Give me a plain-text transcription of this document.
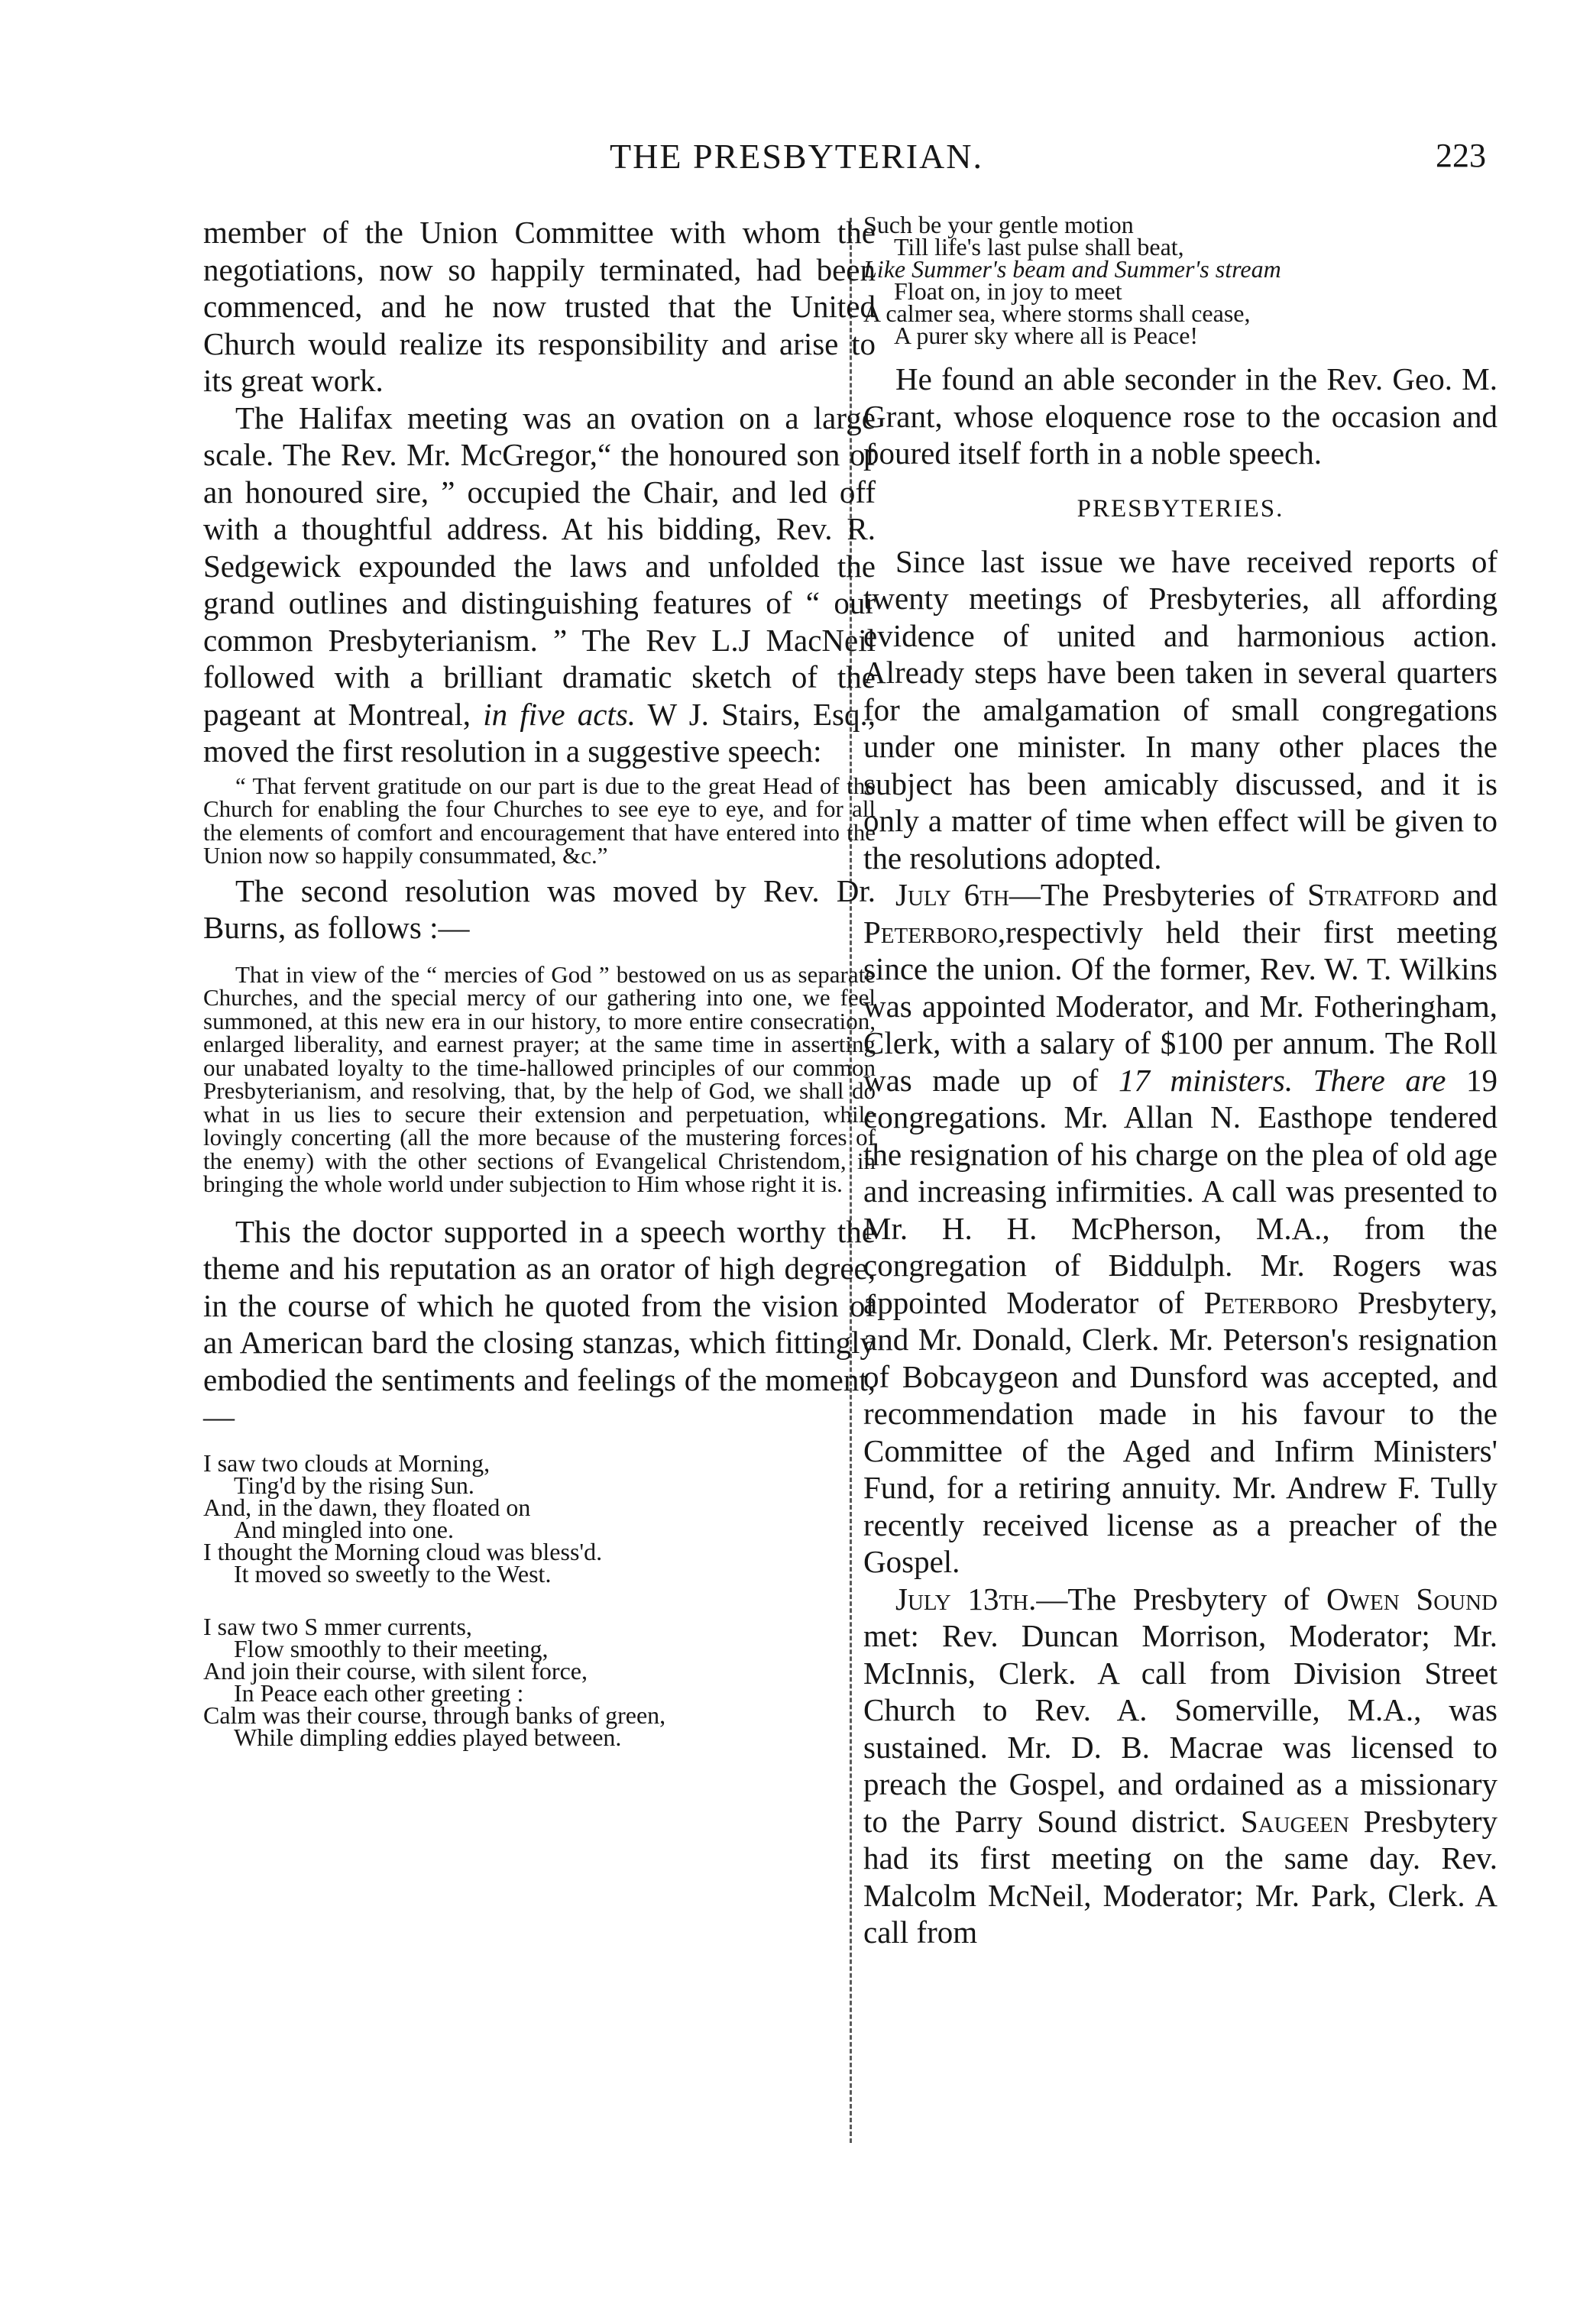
THE PRESBYTERIAN.	223

member of the Union Committee with whom the negotiations, now so happily terminated, had been commenced, and he now trusted that the United Church would realize its responsibility and arise to its great work.

The Halifax meeting was an ovation on a large scale. The Rev. Mr. McGregor,“ the honoured son of an honoured sire, ” occupied the Chair, and led off with a thoughtful address. At his bidding, Rev. R. Sedgewick expounded the laws and unfolded the grand outlines and distinguishing features of “ our common Presbyterianism. ” The Rev L.J MacNeil followed with a brilliant dramatic sketch of the pageant at Montreal, in five acts. W J. Stairs, Esq., moved the first resolution in a suggestive speech:

“ That fervent gratitude on our part is due to the great Head of the Church for enabling the four Churches to see eye to eye, and for all the elements of comfort and encouragement that have entered into the Union now so happily consummated, &c.”

The second resolution was moved by Rev. Dr. Burns, as follows :—

That in view of the “ mercies of God ” bestowed on us as separate Churches, and the special mercy of our gathering into one, we feel summoned, at this new era in our history, to more entire consecration, enlarged liberality, and earnest prayer; at the same time in asserting our unabated loyalty to the time-hallowed principles of our common Presbyterianism, and resolving, that, by the help of God, we shall do what in us lies to secure their extension and perpetuation, while lovingly concerting (all the more because of the mustering forces of the enemy) with the other sections of Evangelical Christendom, in bringing the whole world under subjection to Him whose right it is.

This the doctor supported in a speech worthy the theme and his reputation as an orator of high degree, in the course of which he quoted from the vision of an American bard the closing stanzas, which fittingly embodied the sentiments and feelings of the moment,—

I saw two clouds at Morning,
Ting'd by the rising Sun.
And, in the dawn, they floated on
And mingled into one.
I thought the Morning cloud was bless'd.
It moved so sweetly to the West.
I saw two S mmer currents,
Flow smoothly to their meeting,
And join their course, with silent force,
In Peace each other greeting :
Calm was their course, through banks of green,
While dimpling eddies played between.
Such be your gentle motion
Till life's last pulse shall beat,
Like Summer's beam and Summer's stream
Float on, in joy to meet
A calmer sea, where storms shall cease,
A purer sky where all is Peace!

He found an able seconder in the Rev. Geo. M. Grant, whose eloquence rose to the occasion and poured itself forth in a noble speech.

PRESBYTERIES.

Since last issue we have received reports of twenty meetings of Presbyteries, all affording evidence of united and harmonious action. Already steps have been taken in several quarters for the amalgamation of small congregations under one minister. In many other places the subject has been amicably discussed, and it is only a matter of time when effect will be given to the resolutions adopted.

July 6th—The Presbyteries of Stratford and Peterboro,respectivly held their first meeting since the union. Of the former, Rev. W. T. Wilkins was appointed Moderator, and Mr. Fotheringham, Clerk, with a salary of $100 per annum. The Roll was made up of 17 ministers. There are 19 congregations. Mr. Allan N. Easthope tendered the resignation of his charge on the plea of old age and increasing infirmities. A call was presented to Mr. H. H. McPherson, M.A., from the congregation of Biddulph. Mr. Rogers was appointed Moderator of Peterboro Presbytery, and Mr. Donald, Clerk. Mr. Peterson's resignation of Bobcaygeon and Dunsford was accepted, and recommendation made in his favour to the Committee of the Aged and Infirm Ministers' Fund, for a retiring annuity. Mr. Andrew F. Tully recently received license as a preacher of the Gospel.

July 13th.—The Presbytery of Owen Sound met: Rev. Duncan Morrison, Moderator; Mr. McInnis, Clerk. A call from Division Street Church to Rev. A. Somerville, M.A., was sustained. Mr. D. B. Macrae was licensed to preach the Gospel, and ordained as a missionary to the Parry Sound district. Saugeen Presbytery had its first meeting on the same day. Rev. Malcolm McNeil, Moderator; Mr. Park, Clerk. A call from
